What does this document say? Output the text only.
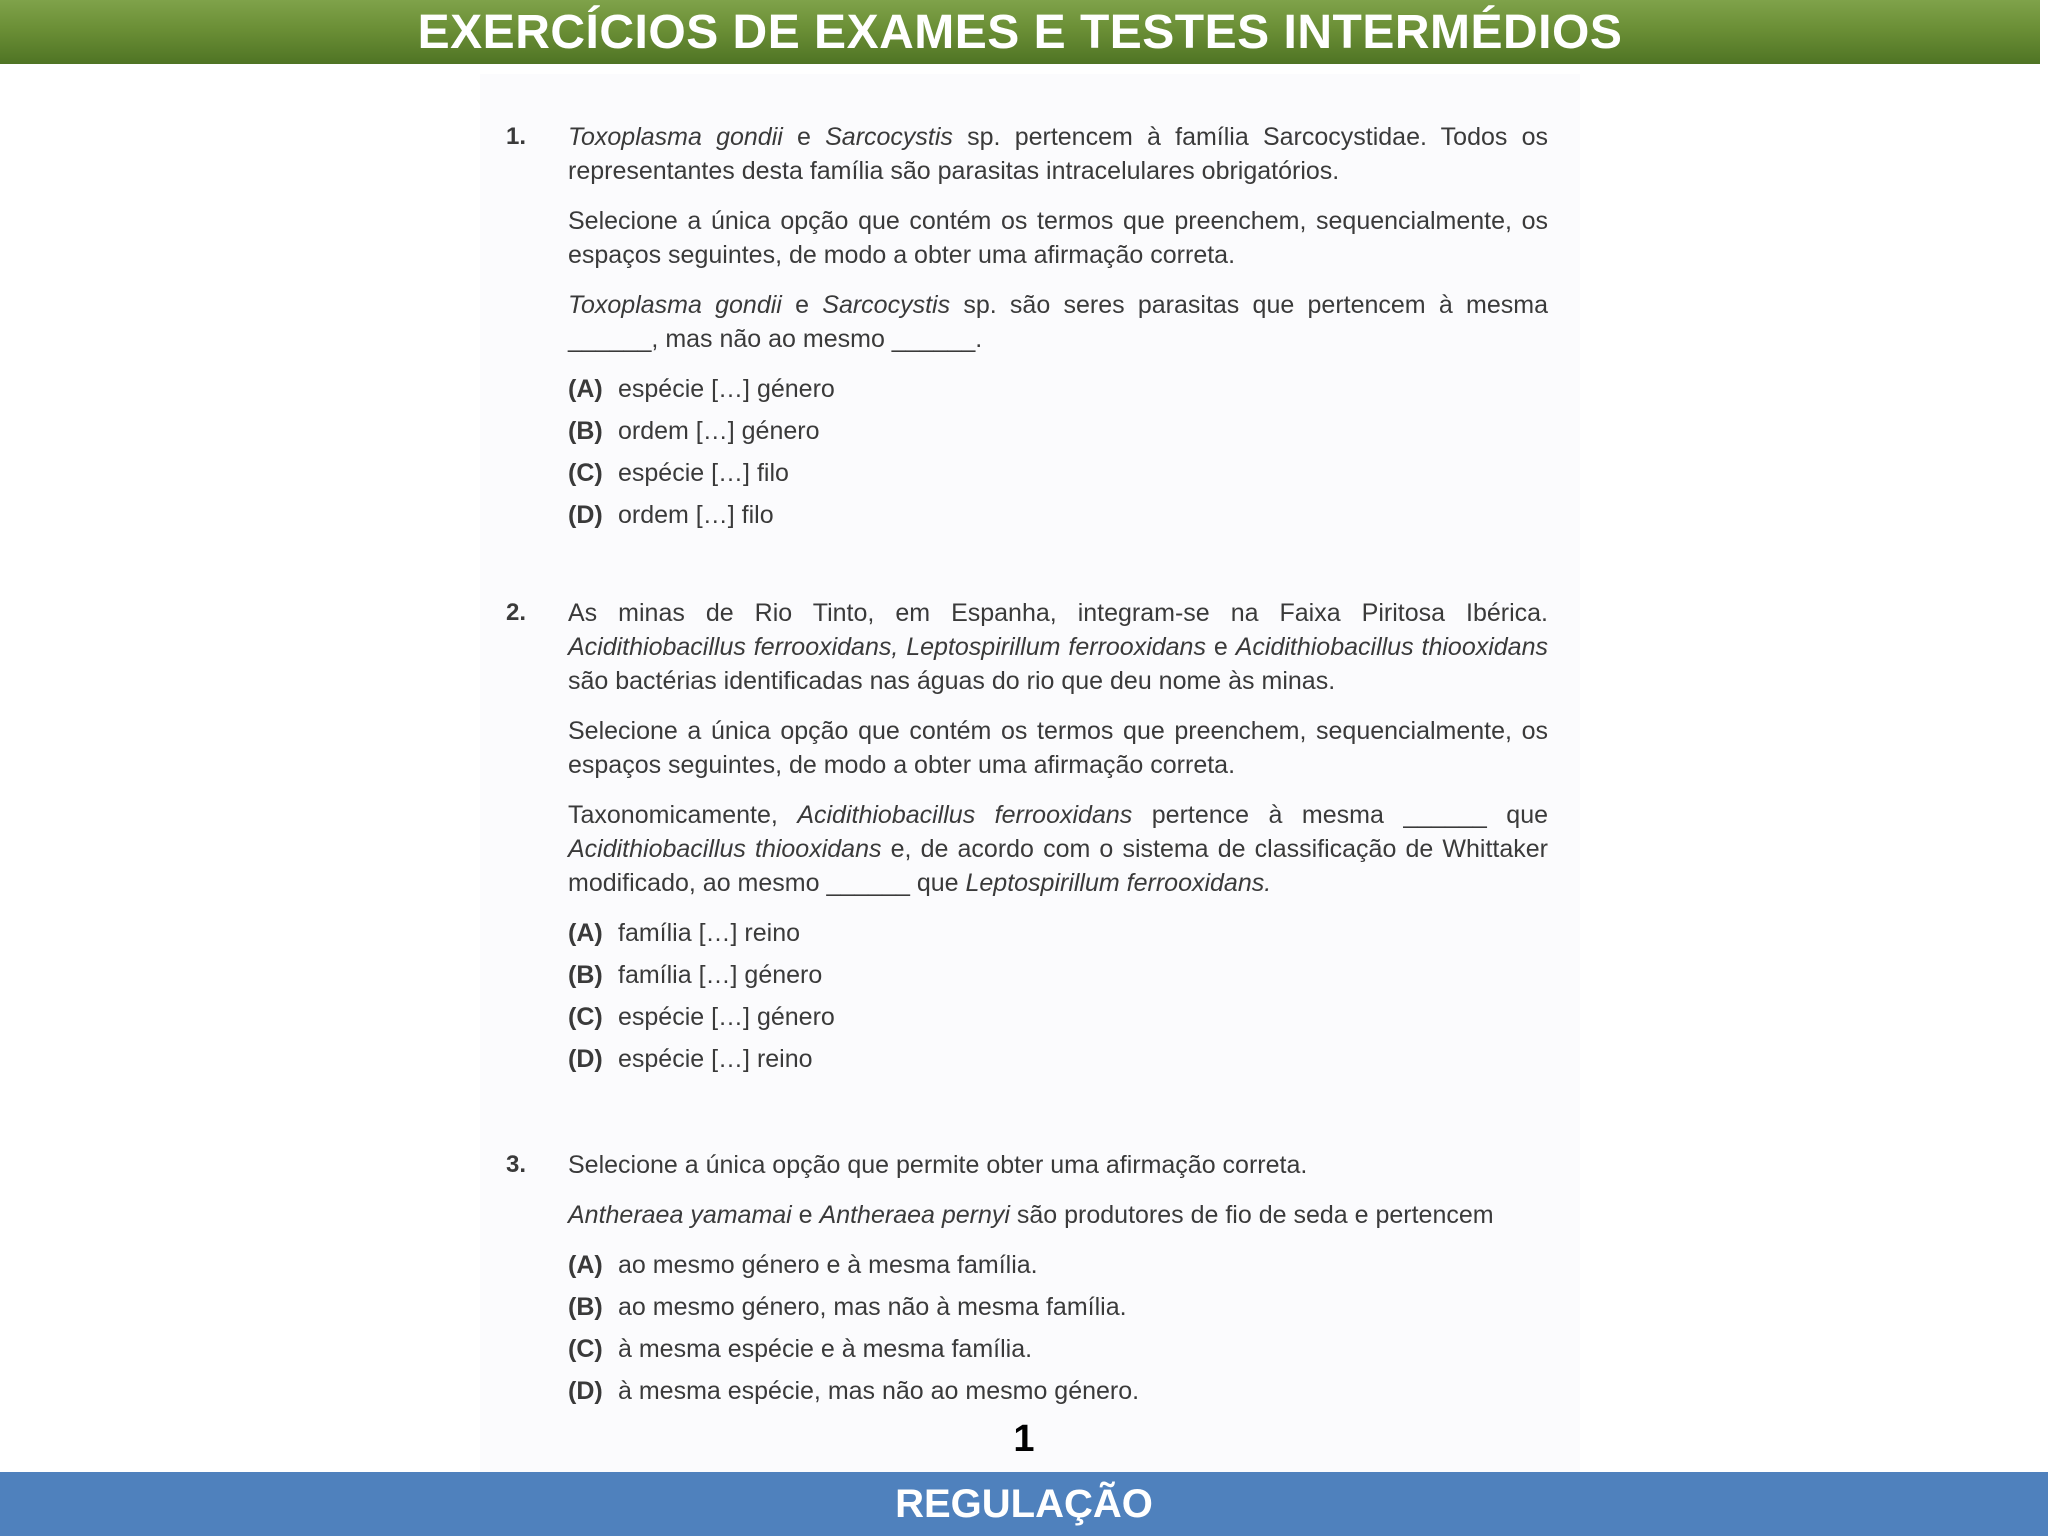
EXERCÍCIOS DE EXAMES E TESTES INTERMÉDIOS
1. Toxoplasma gondii e Sarcocystis sp. pertencem à família Sarcocystidae. Todos os representantes desta família são parasitas intracelulares obrigatórios.

Selecione a única opção que contém os termos que preenchem, sequencialmente, os espaços seguintes, de modo a obter uma afirmação correta.

Toxoplasma gondii e Sarcocystis sp. são seres parasitas que pertencem à mesma ______, mas não ao mesmo ______.

(A) espécie […] género
(B) ordem […] género
(C) espécie […] filo
(D) ordem […] filo
2. As minas de Rio Tinto, em Espanha, integram-se na Faixa Piritosa Ibérica. Acidithiobacillus ferrooxidans, Leptospirillum ferrooxidans e Acidithiobacillus thiooxidans são bactérias identificadas nas águas do rio que deu nome às minas.

Selecione a única opção que contém os termos que preenchem, sequencialmente, os espaços seguintes, de modo a obter uma afirmação correta.

Taxonomicamente, Acidithiobacillus ferrooxidans pertence à mesma ______ que Acidithiobacillus thiooxidans e, de acordo com o sistema de classificação de Whittaker modificado, ao mesmo ______ que Leptospirillum ferrooxidans.

(A) família […] reino
(B) família […] género
(C) espécie […] género
(D) espécie […] reino
3. Selecione a única opção que permite obter uma afirmação correta.

Antheraea yamamai e Antheraea pernyi são produtores de fio de seda e pertencem

(A) ao mesmo género e à mesma família.
(B) ao mesmo género, mas não à mesma família.
(C) à mesma espécie e à mesma família.
(D) à mesma espécie, mas não ao mesmo género.
1
REGULAÇÃO
